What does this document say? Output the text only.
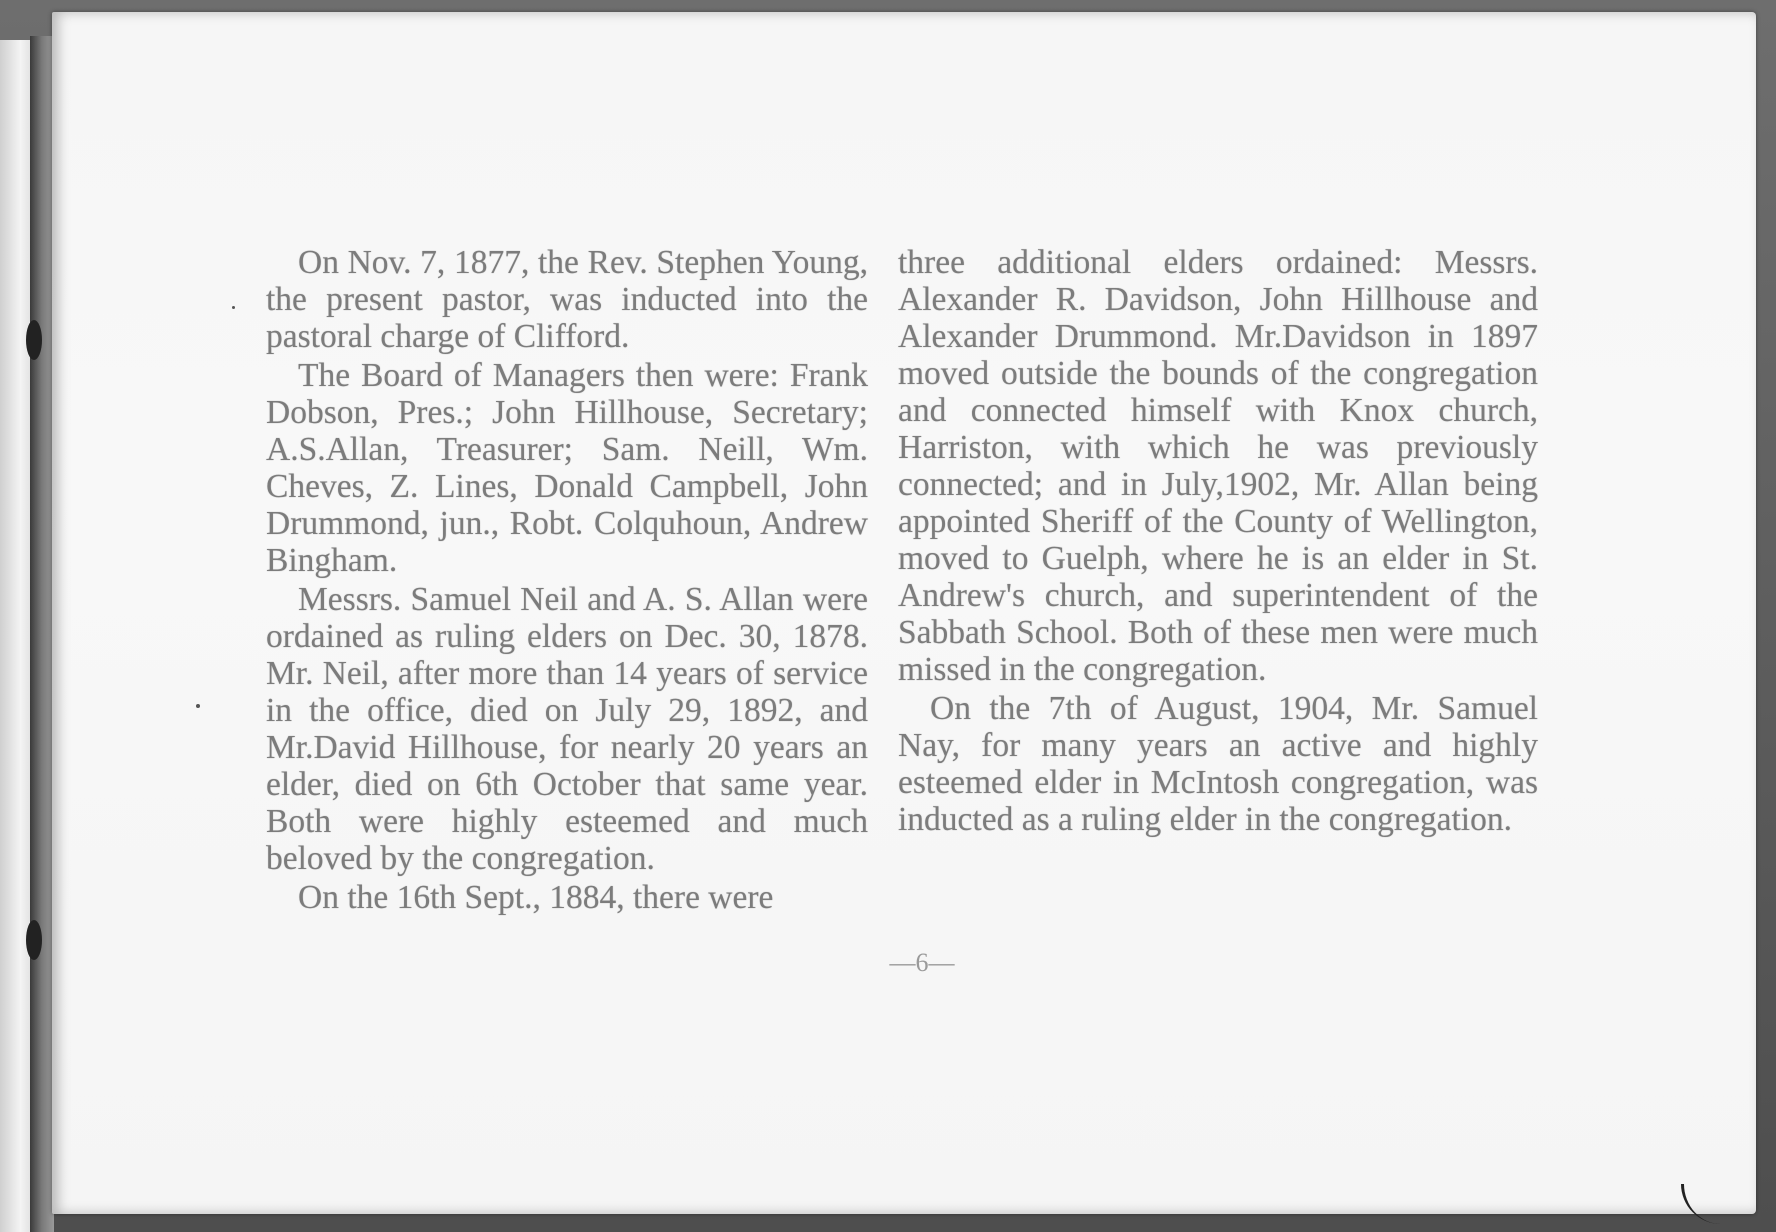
On Nov. 7, 1877, the Rev. Stephen Young, the present pastor, was inducted into the pastoral charge of Clifford.

The Board of Managers then were: Frank Dobson, Pres.; John Hillhouse, Secretary; A.S.Allan, Treasurer; Sam. Neill, Wm. Cheves, Z. Lines, Donald Campbell, John Drummond, jun., Robt. Colquhoun, Andrew Bingham.

Messrs. Samuel Neil and A. S. Allan were ordained as ruling elders on Dec. 30, 1878. Mr. Neil, after more than 14 years of service in the office, died on July 29, 1892, and Mr.David Hillhouse, for nearly 20 years an elder, died on 6th October that same year. Both were highly esteemed and much beloved by the congregation.

On the 16th Sept., 1884, there were

three additional elders ordained: Messrs. Alexander R. Davidson, John Hillhouse and Alexander Drummond. Mr.Davidson in 1897 moved outside the bounds of the congregation and connected himself with Knox church, Harriston, with which he was previously connected; and in July,1902, Mr. Allan being appointed Sheriff of the County of Wellington, moved to Guelph, where he is an elder in St. Andrew's church, and superintendent of the Sabbath School. Both of these men were much missed in the congregation.

On the 7th of August, 1904, Mr. Samuel Nay, for many years an active and highly esteemed elder in McIntosh congregation, was inducted as a ruling elder in the congregation.

—6—
